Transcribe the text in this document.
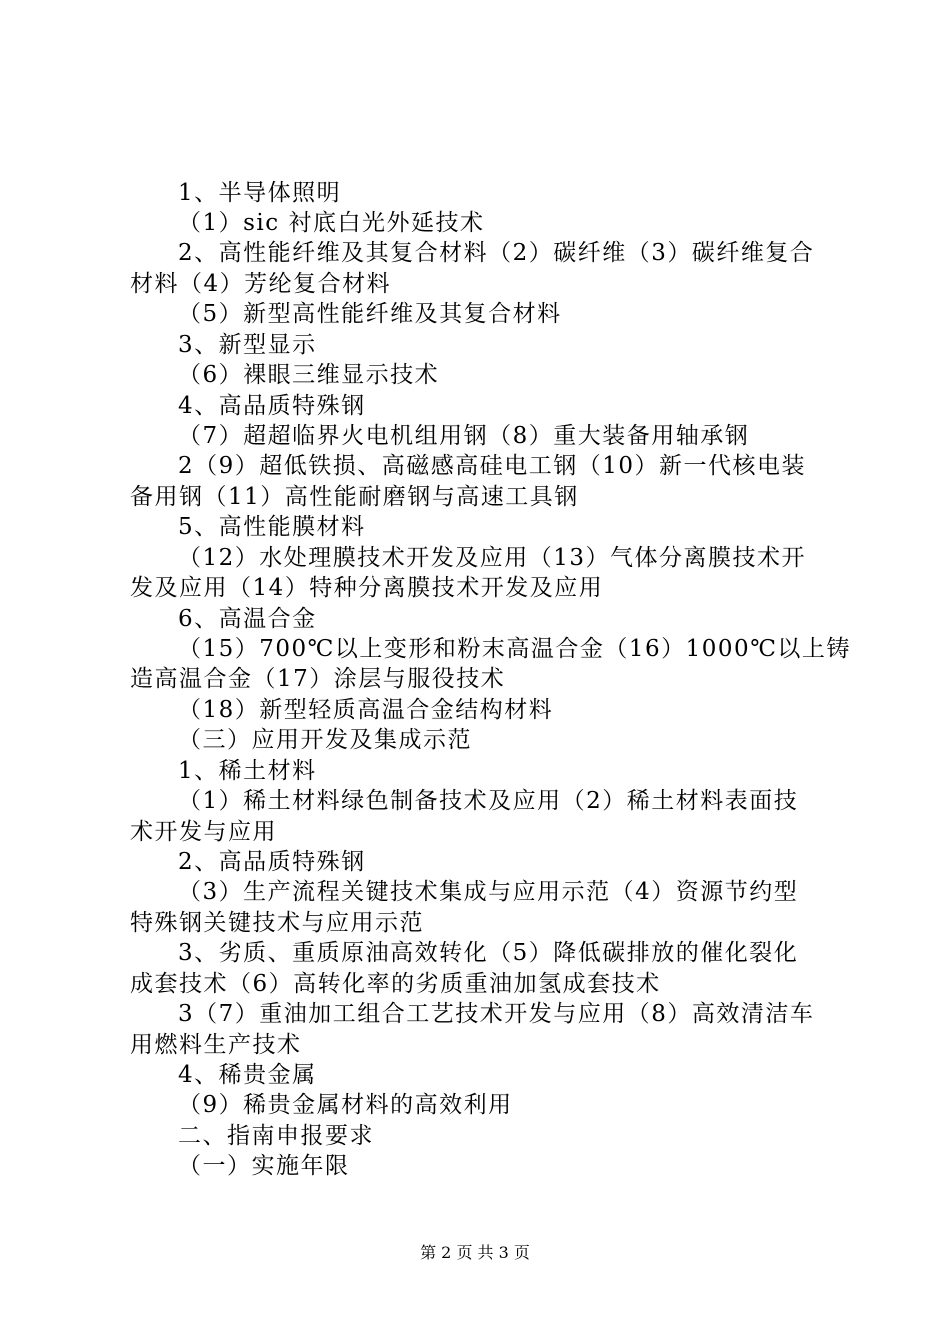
1、半导体照明
（1）sic 衬底白光外延技术
2、高性能纤维及其复合材料（2）碳纤维（3）碳纤维复合
材料（4）芳纶复合材料
（5）新型高性能纤维及其复合材料
3、新型显示
（6）裸眼三维显示技术
4、高品质特殊钢
（7）超超临界火电机组用钢（8）重大装备用轴承钢
2（9）超低铁损、高磁感高硅电工钢（10）新一代核电装
备用钢（11）高性能耐磨钢与高速工具钢
5、高性能膜材料
（12）水处理膜技术开发及应用（13）气体分离膜技术开
发及应用（14）特种分离膜技术开发及应用
6、高温合金
（15）700℃以上变形和粉末高温合金（16）1000℃以上铸
造高温合金（17）涂层与服役技术
（18）新型轻质高温合金结构材料
（三）应用开发及集成示范
1、稀土材料
（1）稀土材料绿色制备技术及应用（2）稀土材料表面技
术开发与应用
2、高品质特殊钢
（3）生产流程关键技术集成与应用示范（4）资源节约型
特殊钢关键技术与应用示范
3、劣质、重质原油高效转化（5）降低碳排放的催化裂化
成套技术（6）高转化率的劣质重油加氢成套技术
3（7）重油加工组合工艺技术开发与应用（8）高效清洁车
用燃料生产技术
4、稀贵金属
（9）稀贵金属材料的高效利用
二、指南申报要求
（一）实施年限
第 2 页 共 3 页
